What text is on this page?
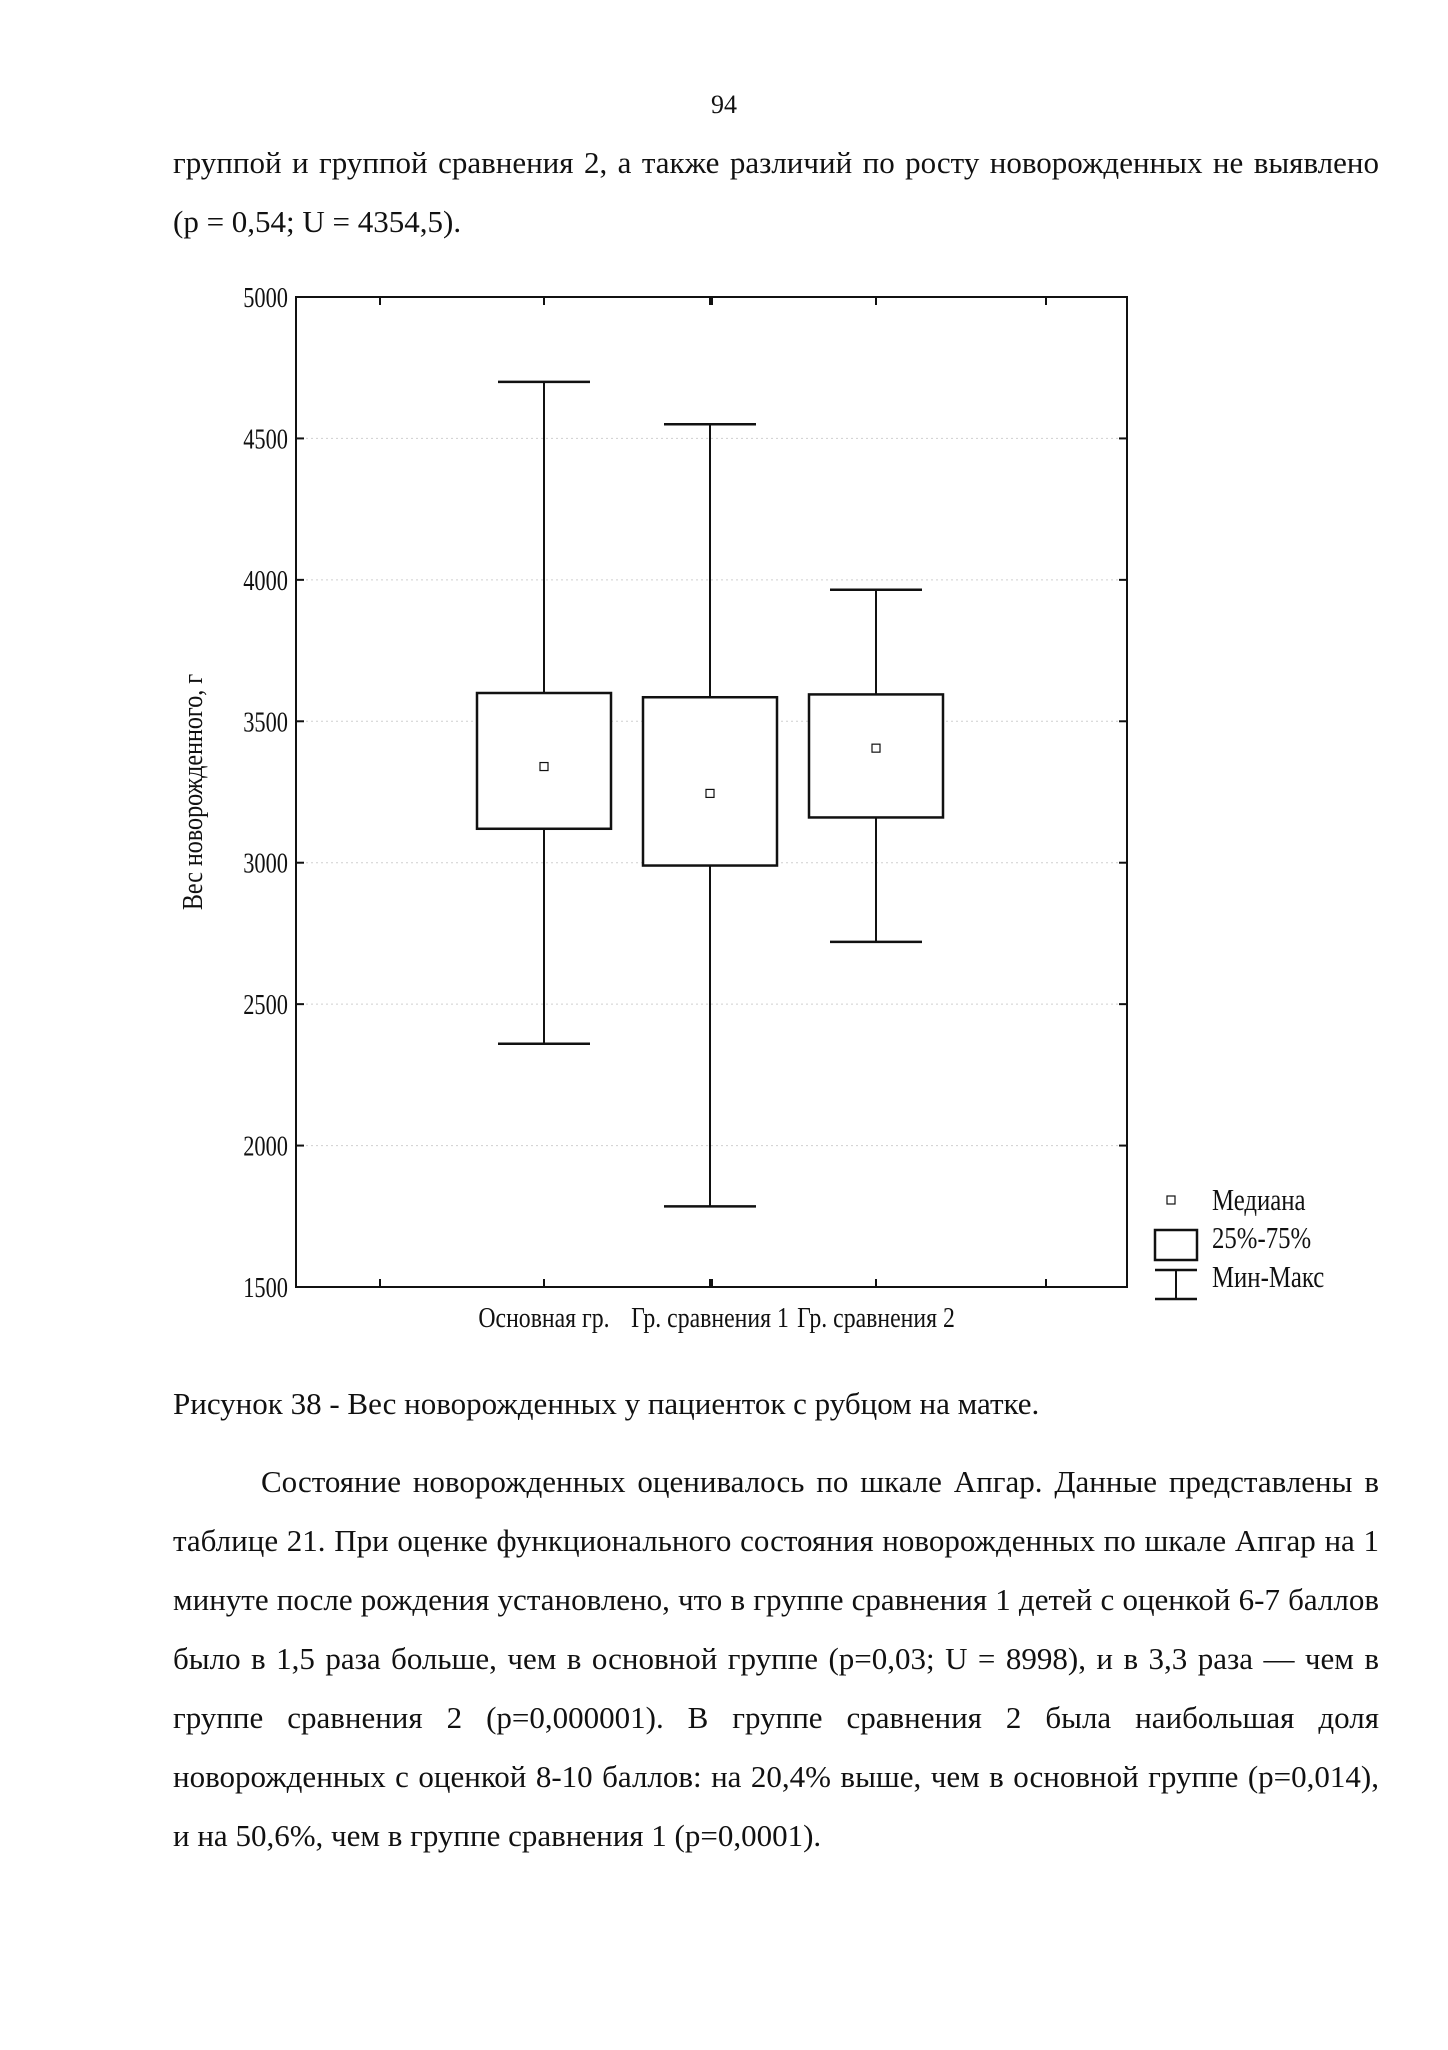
94

группой и группой сравнения 2, а также различий по росту новорожденных не выявлено (p = 0,54; U = 4354,5).

1500
2000
2500
3000
3500
4000
4500
5000
Основная гр. Гр. сравнения 1 Гр. сравнения 2
Вес новорожденного, г
Медиана
25%-75%
Мин-Макс

Рисунок 38 - Вес новорожденных у пациенток с рубцом на матке.

Состояние новорожденных оценивалось по шкале Апгар. Данные представлены в таблице 21. При оценке функционального состояния новорожденных по шкале Апгар на 1 минуте после рождения установлено, что в группе сравнения 1 детей с оценкой 6-7 баллов было в 1,5 раза больше, чем в основной группе (p=0,03; U = 8998), и в 3,3 раза — чем в группе сравнения 2 (p=0,000001). В группе сравнения 2 была наибольшая доля новорожденных с оценкой 8-10 баллов: на 20,4% выше, чем в основной группе (p=0,014), и на 50,6%, чем в группе сравнения 1 (p=0,0001).
